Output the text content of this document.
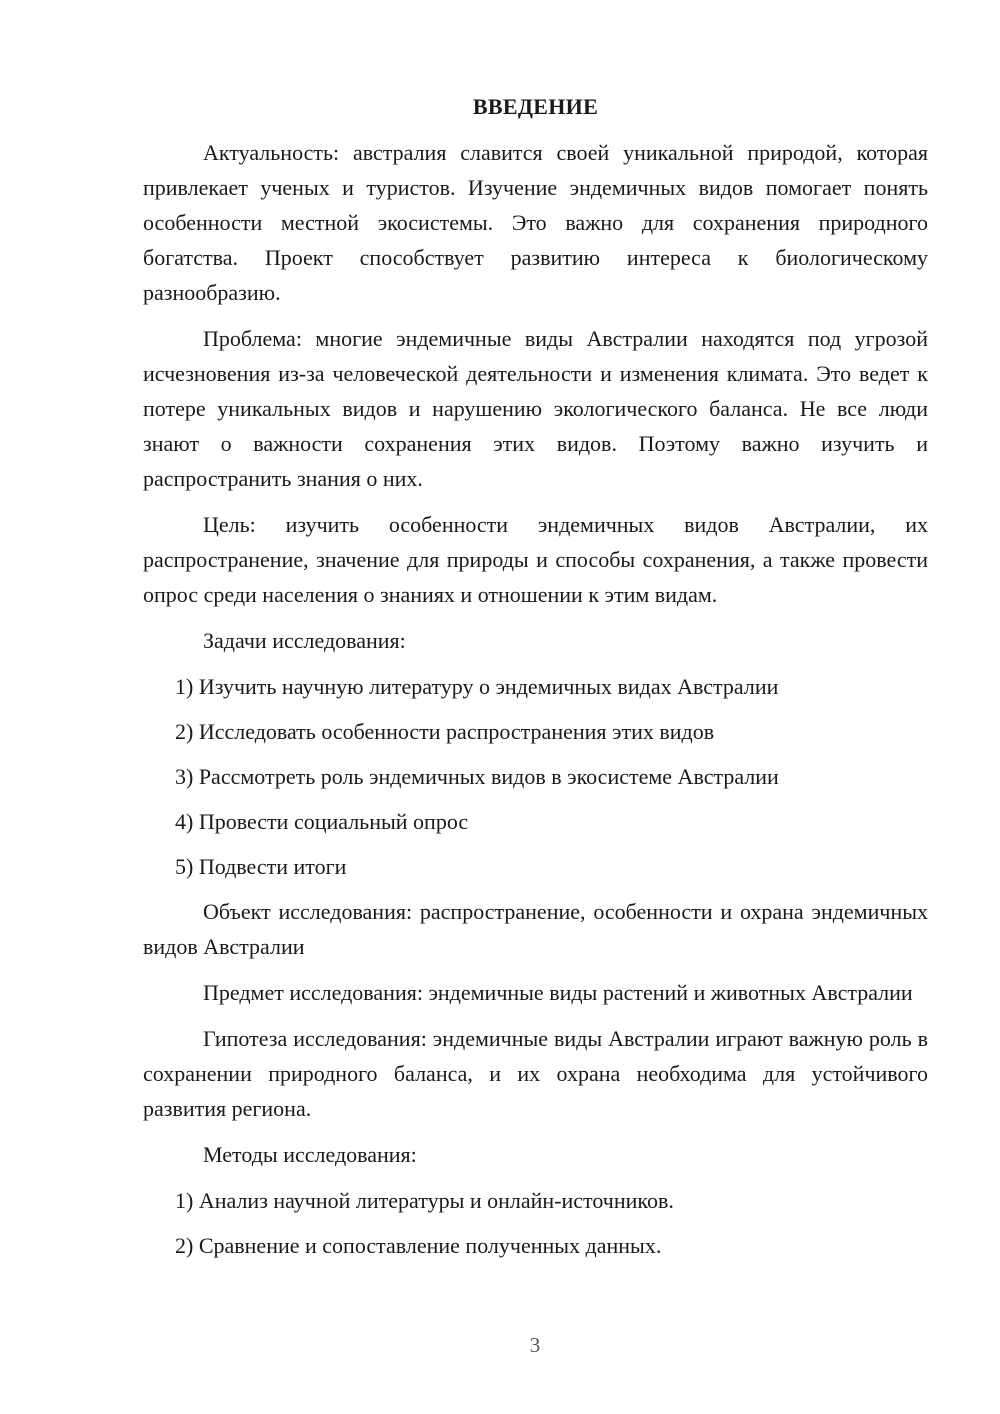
ВВЕДЕНИЕ

Актуальность: австралия славится своей уникальной природой, которая привлекает ученых и туристов. Изучение эндемичных видов помогает понять особенности местной экосистемы. Это важно для сохранения природного богатства. Проект способствует развитию интереса к биологическому разнообразию.

Проблема: многие эндемичные виды Австралии находятся под угрозой исчезновения из-за человеческой деятельности и изменения климата. Это ведет к потере уникальных видов и нарушению экологического баланса. Не все люди знают о важности сохранения этих видов. Поэтому важно изучить и распространить знания о них.

Цель: изучить особенности эндемичных видов Австралии, их распространение, значение для природы и способы сохранения, а также провести опрос среди населения о знаниях и отношении к этим видам.

Задачи исследования:

1) Изучить научную литературу о эндемичных видах Австралии

2) Исследовать особенности распространения этих видов

3) Рассмотреть роль эндемичных видов в экосистеме Австралии

4) Провести социальный опрос

5) Подвести итоги

Объект исследования: распространение, особенности и охрана эндемичных видов Австралии

Предмет исследования: эндемичные виды растений и животных Австралии

Гипотеза исследования: эндемичные виды Австралии играют важную роль в сохранении природного баланса, и их охрана необходима для устойчивого развития региона.

Методы исследования:

1) Анализ научной литературы и онлайн-источников.

2) Сравнение и сопоставление полученных данных.

3
